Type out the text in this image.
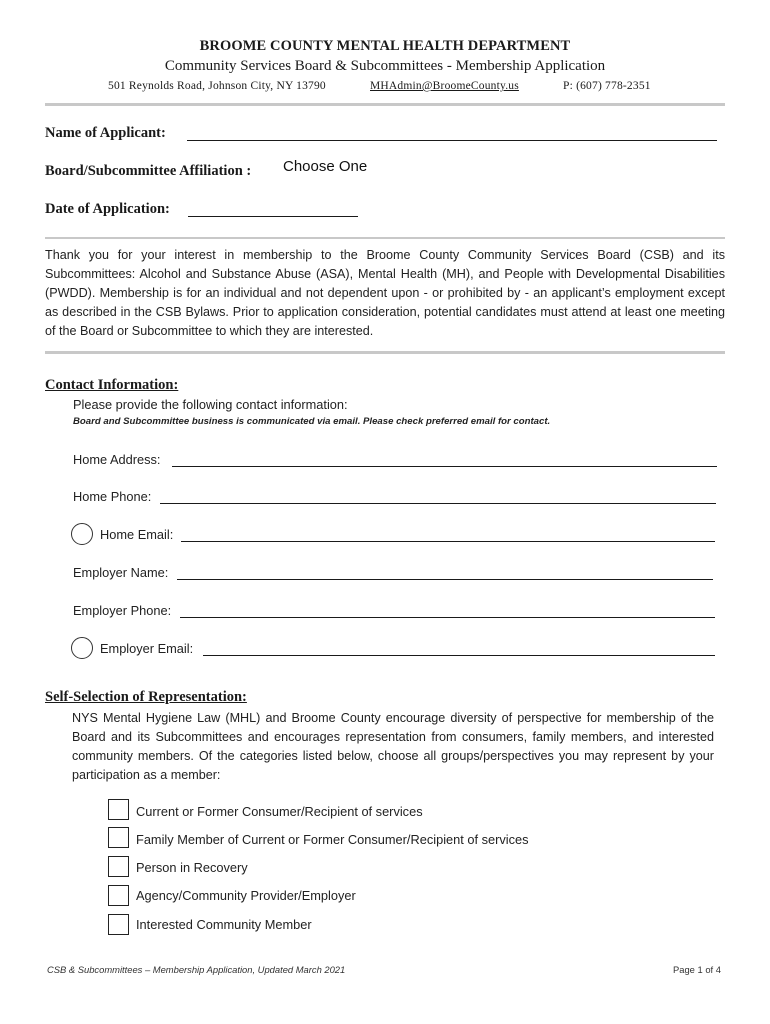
BROOME COUNTY MENTAL HEALTH DEPARTMENT
Community Services Board & Subcommittees - Membership Application
501 Reynolds Road, Johnson City, NY 13790	MHAdmin@BroomeCounty.us	P: (607) 778-2351
Name of Applicant:
Board/Subcommittee Affiliation : Choose One
Date of Application:
Thank you for your interest in membership to the Broome County Community Services Board (CSB) and its Subcommittees: Alcohol and Substance Abuse (ASA), Mental Health (MH), and People with Developmental Disabilities (PWDD). Membership is for an individual and not dependent upon - or prohibited by - an applicant’s employment except as described in the CSB Bylaws. Prior to application consideration, potential candidates must attend at least one meeting of the Board or Subcommittee to which they are interested.
Contact Information:
Please provide the following contact information:
Board and Subcommittee business is communicated via email. Please check preferred email for contact.
Home Address:
Home Phone:
Home Email:
Employer Name:
Employer Phone:
Employer Email:
Self-Selection of Representation:
NYS Mental Hygiene Law (MHL) and Broome County encourage diversity of perspective for membership of the Board and its Subcommittees and encourages representation from consumers, family members, and interested community members. Of the categories listed below, choose all groups/perspectives you may represent by your participation as a member:
Current or Former Consumer/Recipient of services
Family Member of Current or Former Consumer/Recipient of services
Person in Recovery
Agency/Community Provider/Employer
Interested Community Member
CSB & Subcommittees – Membership Application, Updated March 2021	Page 1 of 4
